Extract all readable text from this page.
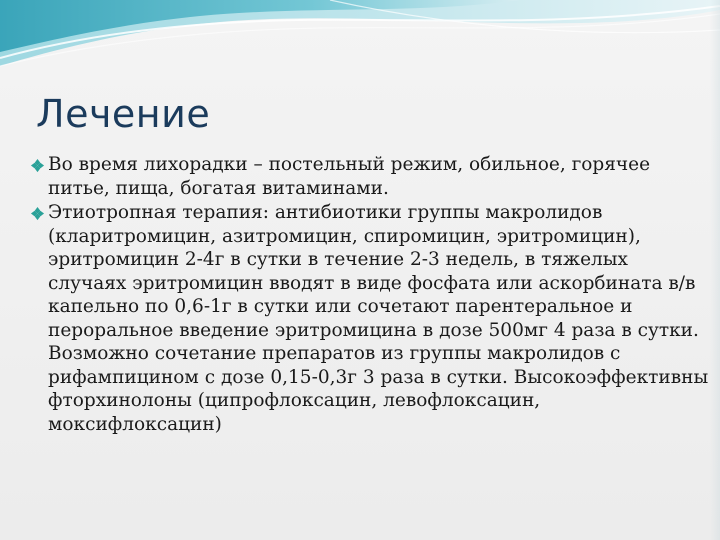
Лечение
Во время лихорадки – постельный режим, обильное, горячее питье, пища, богатая витаминами.
Этиотропная терапия: антибиотики группы макролидов (кларитромицин, азитромицин, спиромицин, эритромицин), эритромицин 2-4г в сутки в течение 2-3 недель, в тяжелых случаях эритромицин вводят в виде фосфата или аскорбината в/в капельно по 0,6-1г в сутки или сочетают парентеральное и пероральное введение эритромицина в дозе 500мг 4 раза в сутки. Возможно сочетание препаратов из группы макролидов с рифампицином с дозе 0,15-0,3г 3 раза в сутки. Высокоэффективны фторхинолоны (ципрофлоксацин, левофлоксацин, моксифлоксацин)
